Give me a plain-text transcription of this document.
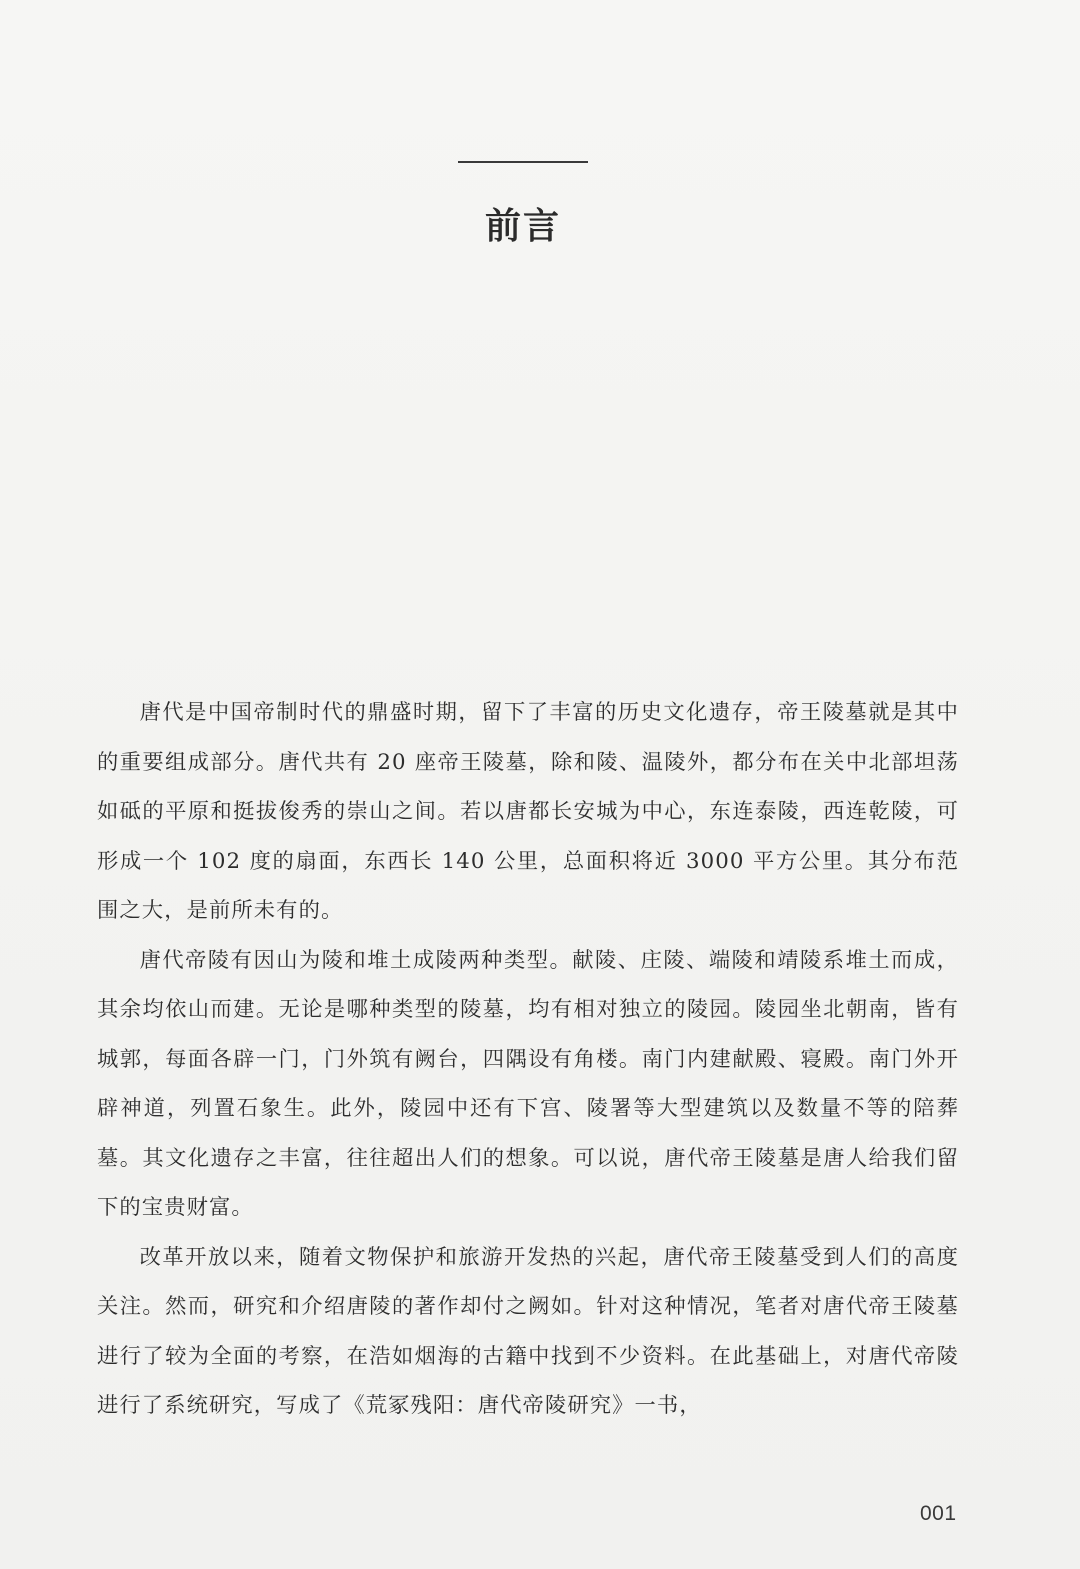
前言

唐代是中国帝制时代的鼎盛时期，留下了丰富的历史文化遗存，帝王陵墓就是其中的重要组成部分。唐代共有 20 座帝王陵墓，除和陵、温陵外，都分布在关中北部坦荡如砥的平原和挺拔俊秀的崇山之间。若以唐都长安城为中心，东连泰陵，西连乾陵，可形成一个 102 度的扇面，东西长 140 公里，总面积将近 3000 平方公里。其分布范围之大，是前所未有的。

唐代帝陵有因山为陵和堆土成陵两种类型。献陵、庄陵、端陵和靖陵系堆土而成，其余均依山而建。无论是哪种类型的陵墓，均有相对独立的陵园。陵园坐北朝南，皆有城郭，每面各辟一门，门外筑有阙台，四隅设有角楼。南门内建献殿、寝殿。南门外开辟神道，列置石象生。此外，陵园中还有下宫、陵署等大型建筑以及数量不等的陪葬墓。其文化遗存之丰富，往往超出人们的想象。可以说，唐代帝王陵墓是唐人给我们留下的宝贵财富。

改革开放以来，随着文物保护和旅游开发热的兴起，唐代帝王陵墓受到人们的高度关注。然而，研究和介绍唐陵的著作却付之阙如。针对这种情况，笔者对唐代帝王陵墓进行了较为全面的考察，在浩如烟海的古籍中找到不少资料。在此基础上，对唐代帝陵进行了系统研究，写成了《荒冢残阳：唐代帝陵研究》一书，

001
